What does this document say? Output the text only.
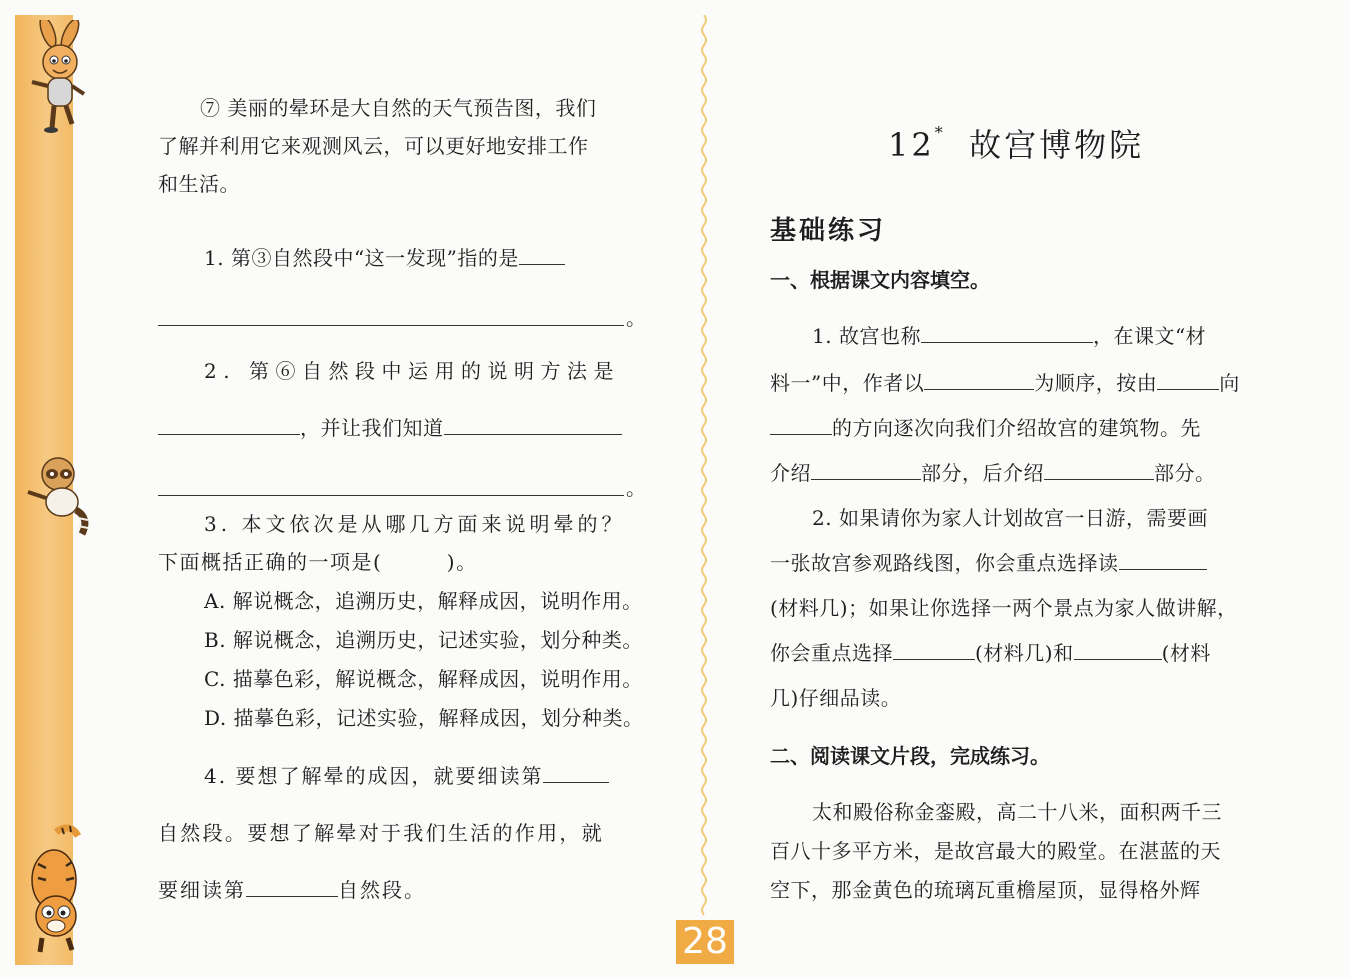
⑦ 美丽的晕环是大自然的天气预告图，我们
了解并利用它来观测风云，可以更好地安排工作
和生活。
1. 第③自然段中“这一发现”指的是
。
2. 第⑥自然段中运用的说明方法是
，并让我们知道
。
3. 本文依次是从哪几方面来说明晕的？
下面概括正确的一项是(　　　)。
A. 解说概念，追溯历史，解释成因，说明作用。
B. 解说概念，追溯历史，记述实验，划分种类。
C. 描摹色彩，解说概念，解释成因，说明作用。
D. 描摹色彩，记述实验，解释成因，划分种类。
4. 要想了解晕的成因，就要细读第
自然段。要想了解晕对于我们生活的作用，就
要细读第	自然段。
12* 故宫博物院
基础练习
一、根据课文内容填空。
1. 故宫也称	，在课文“材
料一”中，作者以	为顺序，按由	向
的方向逐次向我们介绍故宫的建筑物。先
介绍	部分，后介绍	部分。
2. 如果请你为家人计划故宫一日游，需要画
一张故宫参观路线图，你会重点选择读
(材料几)；如果让你选择一两个景点为家人做讲解，
你会重点选择	(材料几)和	(材料
几)仔细品读。
二、阅读课文片段，完成练习。
太和殿俗称金銮殿，高二十八米，面积两千三
百八十多平方米，是故宫最大的殿堂。在湛蓝的天
空下，那金黄色的琉璃瓦重檐屋顶，显得格外辉
28
